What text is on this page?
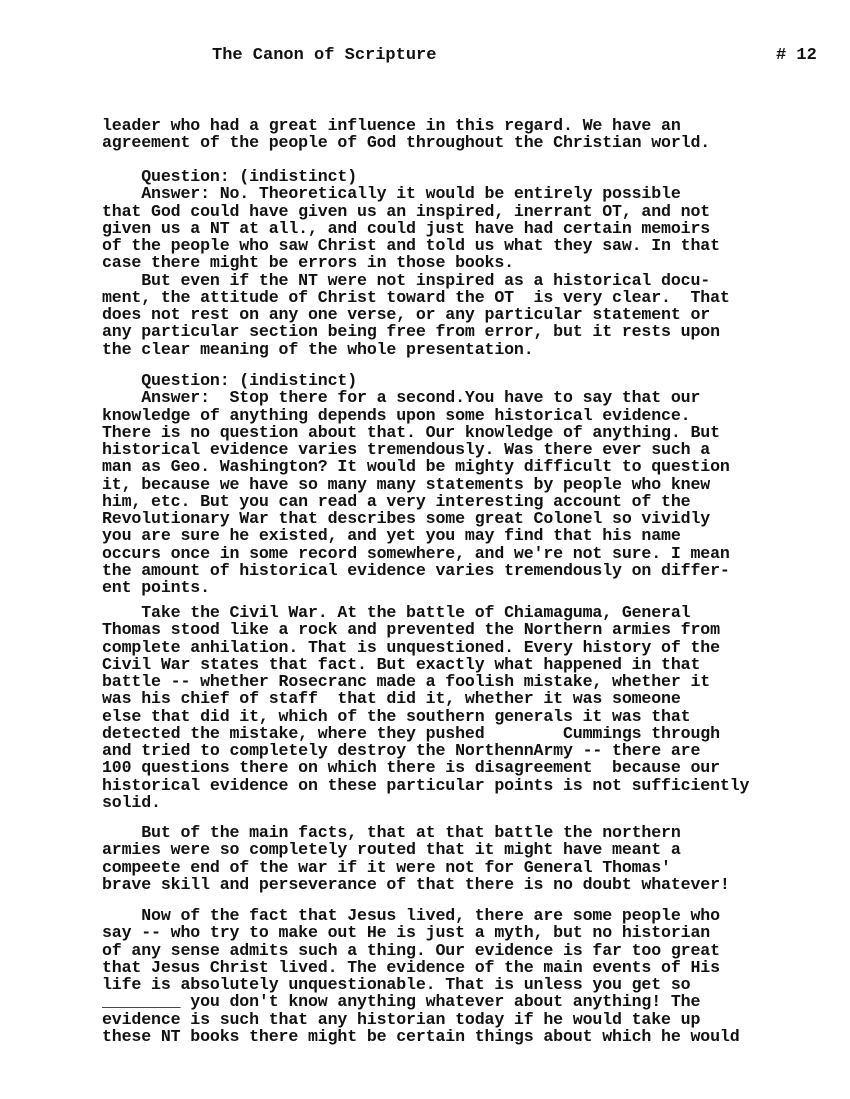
The Canon of Scripture	# 12
leader who had a great influence in this regard. We have an
agreement of the people of God throughout the Christian world.
Question: (indistinct)
Answer: No. Theoretically it would be entirely possible
that God could have given us an inspired, inerrant OT, and not
given us a NT at all., and could just have had certain memoirs
of the people who saw Christ and told us what they saw. In that
case there might be errors in those books.
But even if the NT were not inspired as a historical docu-
ment, the attitude of Christ toward the OT  is very clear.  That
does not rest on any one verse, or any particular statement or
any particular section being free from error, but it rests upon
the clear meaning of the whole presentation.
Question: (indistinct)
Answer:  Stop there for a second.You have to say that our
knowledge of anything depends upon some historical evidence.
There is no question about that. Our knowledge of anything. But
historical evidence varies tremendously. Was there ever such a
man as Geo. Washington? It would be mighty difficult to question
it, because we have so many many statements by people who knew
him, etc. But you can read a very interesting account of the
Revolutionary War that describes some great Colonel so vividly
you are sure he existed, and yet you may find that his name
occurs once in some record somewhere, and we're not sure. I mean
the amount of historical evidence varies tremendously on differ-
ent points.
Take the Civil War. At the battle of Chiamaguma, General
Thomas stood like a rock and prevented the Northern armies from
complete anhilation. That is unquestioned. Every history of the
Civil War states that fact. But exactly what happened in that
battle -- whether Rosecranc made a foolish mistake, whether it
was his chief of staff  that did it, whether it was someone
else that did it, which of the southern generals it was that
detected the mistake, where they pushed        Cummings through
and tried to completely destroy the NorthennArmy -- there are
100 questions there on which there is disagreement  because our
historical evidence on these particular points is not sufficiently
solid.
But of the main facts, that at that battle the northern
armies were so completely routed that it might have meant a
compeete end of the war if it were not for General Thomas'
brave skill and perseverance of that there is no doubt whatever!
Now of the fact that Jesus lived, there are some people who
say -- who try to make out He is just a myth, but no historian
of any sense admits such a thing. Our evidence is far too great
that Jesus Christ lived. The evidence of the main events of His
life is absolutely unquestionable. That is unless you get so
________ you don't know anything whatever about anything! The
evidence is such that any historian today if he would take up
these NT books there might be certain things about which he would
